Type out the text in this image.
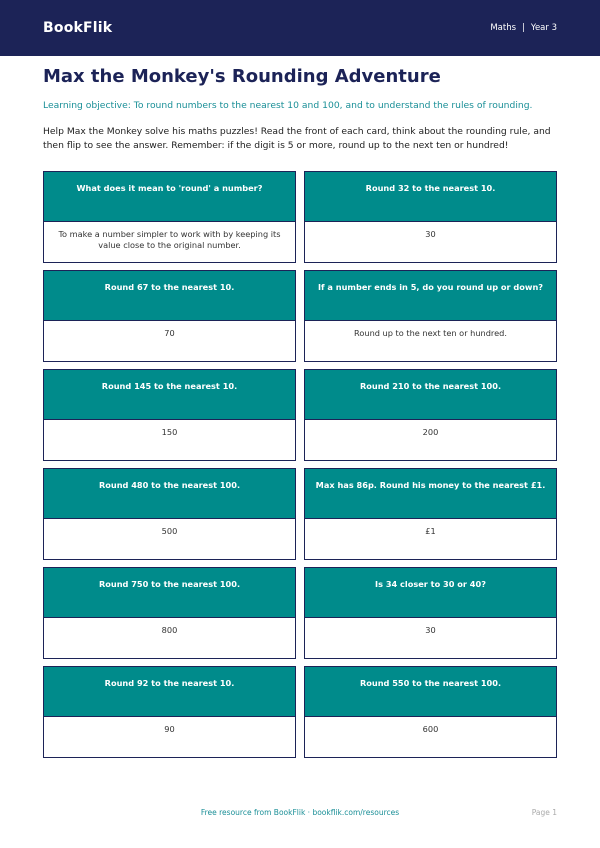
BookFlik	Maths | Year 3
Max the Monkey's Rounding Adventure

Learning objective: To round numbers to the nearest 10 and 100, and to understand the rules of rounding.

Help Max the Monkey solve his maths puzzles! Read the front of each card, think about the rounding rule, and then flip to see the answer. Remember: if the digit is 5 or more, round up to the next ten or hundred!

What does it mean to 'round' a number?
To make a number simpler to work with by keeping its value close to the original number.
Round 32 to the nearest 10.
30
Round 67 to the nearest 10.
70
If a number ends in 5, do you round up or down?
Round up to the next ten or hundred.
Round 145 to the nearest 10.
150
Round 210 to the nearest 100.
200
Round 480 to the nearest 100.
500
Max has 86p. Round his money to the nearest £1.
£1
Round 750 to the nearest 100.
800
Is 34 closer to 30 or 40?
30
Round 92 to the nearest 10.
90
Round 550 to the nearest 100.
600
Free resource from BookFlik · bookflik.com/resources	Page 1
